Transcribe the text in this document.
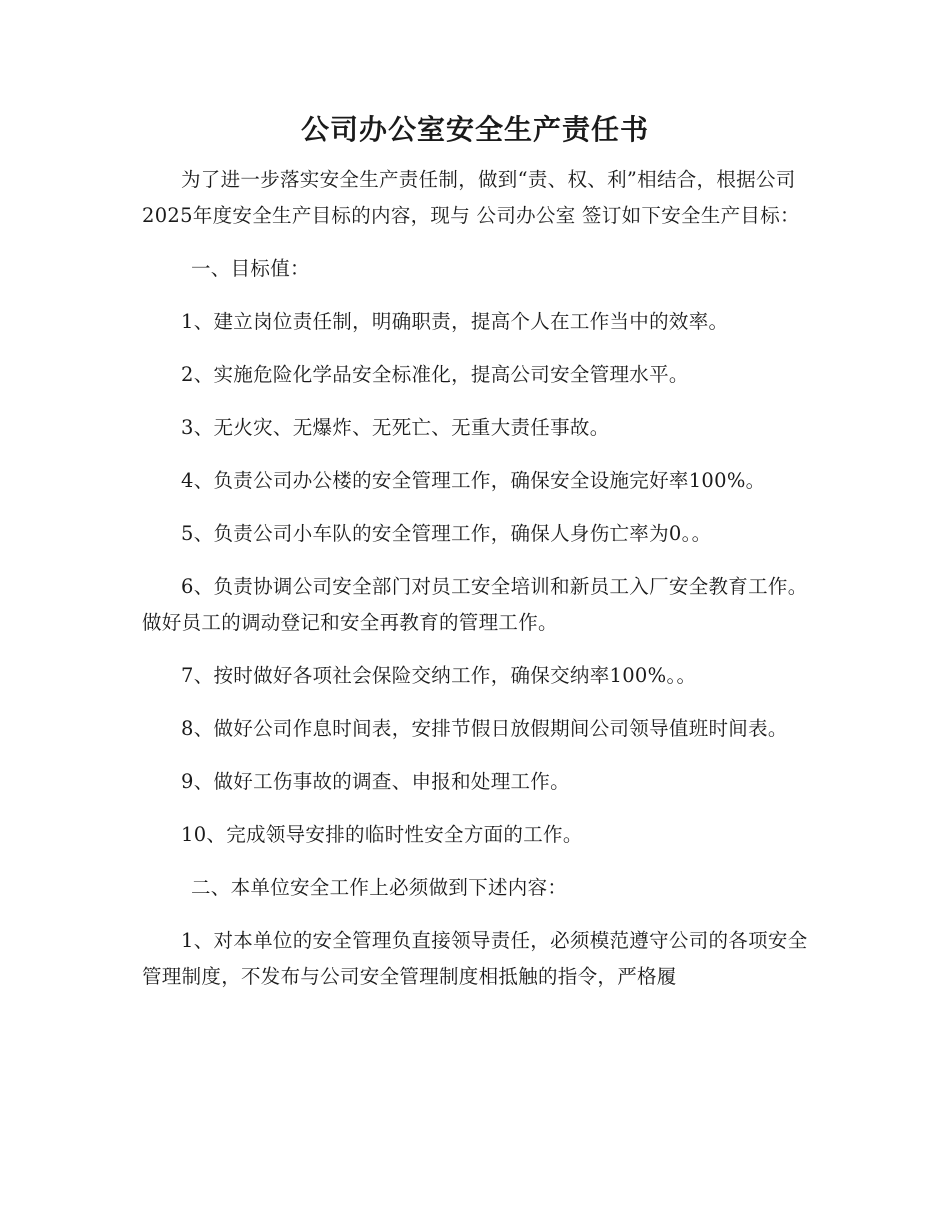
公司办公室安全生产责任书

为了进一步落实安全生产责任制，做到“责、权、利”相结合，根据公司2025年度安全生产目标的内容，现与 公司办公室 签订如下安全生产目标：

一、目标值：

1、建立岗位责任制，明确职责，提高个人在工作当中的效率。

2、实施危险化学品安全标准化，提高公司安全管理水平。

3、无火灾、无爆炸、无死亡、无重大责任事故。

4、负责公司办公楼的安全管理工作，确保安全设施完好率100%。

5、负责公司小车队的安全管理工作，确保人身伤亡率为0。。

6、负责协调公司安全部门对员工安全培训和新员工入厂安全教育工作。做好员工的调动登记和安全再教育的管理工作。

7、按时做好各项社会保险交纳工作，确保交纳率100%。。

8、做好公司作息时间表，安排节假日放假期间公司领导值班时间表。

9、做好工伤事故的调查、申报和处理工作。

10、完成领导安排的临时性安全方面的工作。

二、本单位安全工作上必须做到下述内容：

1、对本单位的安全管理负直接领导责任，必须模范遵守公司的各项安全管理制度，不发布与公司安全管理制度相抵触的指令，严格履
